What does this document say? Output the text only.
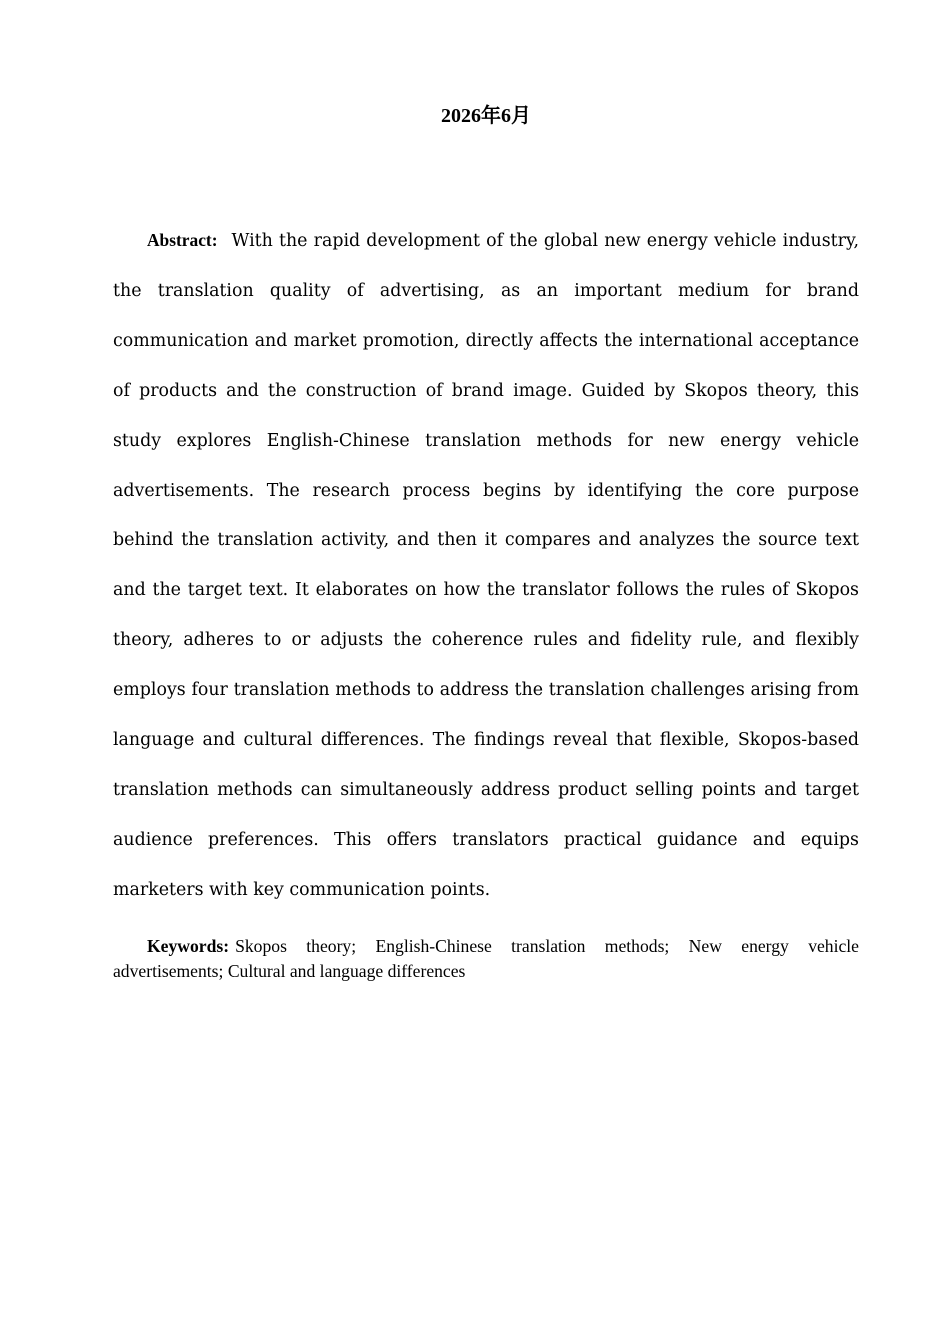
2026年6月

Abstract: With the rapid development of the global new energy vehicle industry, the translation quality of advertising, as an important medium for brand communication and market promotion, directly affects the international acceptance of products and the construction of brand image. Guided by Skopos theory, this study explores English-Chinese translation methods for new energy vehicle advertisements. The research process begins by identifying the core purpose behind the translation activity, and then it compares and analyzes the source text and the target text. It elaborates on how the translator follows the rules of Skopos theory, adheres to or adjusts the coherence rules and fidelity rule, and flexibly employs four translation methods to address the translation challenges arising from language and cultural differences. The findings reveal that flexible, Skopos-based translation methods can simultaneously address product selling points and target audience preferences. This offers translators practical guidance and equips marketers with key communication points.

Keywords: Skopos theory; English-Chinese translation methods; New energy vehicle advertisements; Cultural and language differences
